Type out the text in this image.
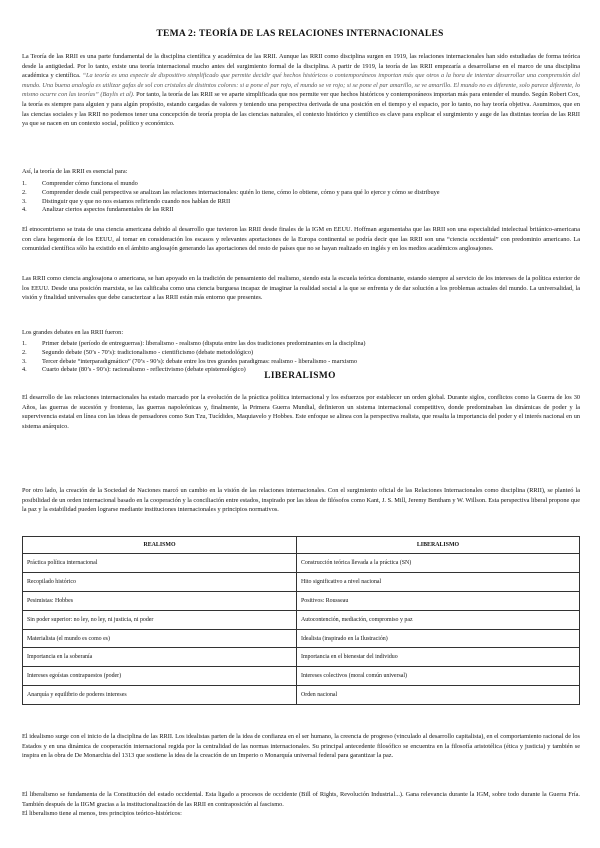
TEMA 2: TEORÍA DE LAS RELACIONES INTERNACIONALES

La Teoría de las RRII es una parte fundamental de la disciplina científica y académica de las RRII. Aunque las RRII como disciplina surgen en 1919, las relaciones internacionales han sido estudiadas de forma teórica desde la antigüedad. Por lo tanto, existe una teoría internacional mucho antes del surgimiento formal de la disciplina. A partir de 1919, la teoría de las RRII empezaría a desarrollarse en el marco de una disciplina académica y científica. “La teoría es una especie de dispositivo simplificado que permite decidir qué hechos históricos o contemporáneos importan más que otros a la hora de intentar desarrollar una comprensión del mundo. Una buena analogía es utilizar gafas de sol con cristales de distintos colores: si a pone el par rojo, el mundo se ve rojo; si se pone el par amarillo, se ve amarillo. El mundo no es diferente, solo parece diferente, lo mismo ocurre con las teorías” (Baylis et al). Por tanto, la teoría de las RRII se ve aparte simplificada que nos permite ver que hechos históricos y contemporáneos importan más para entender el mundo. Según Robert Cox, la teoría es siempre para alguien y para algún propósito, estando cargadas de valores y teniendo una perspectiva derivada de una posición en el tiempo y el espacio, por lo tanto, no hay teoría objetiva. Asumimos, que en las ciencias sociales y las RRII no podemos tener una concepción de teoría propia de las ciencias naturales, el contexto histórico y científico es clave para explicar el surgimiento y auge de las distintas teorías de las RRII ya que se nacen en un contexto social, político y económico.

Así, la teoría de las RRII es esencial para:

1. Comprender cómo funciona el mundo
2. Comprender desde cuál perspectiva se analizan las relaciones internacionales: quién lo tiene, cómo lo obtiene, cómo y para qué lo ejerce y cómo se distribuye
3. Distinguir que y que no nos estamos refiriendo cuando nos hablan de RRII
4. Analizar ciertos aspectos fundamentales de las RRII

El etnocentrismo se trata de una ciencia americana debido al desarrollo que tuvieron las RRII desde finales de la IGM en EEUU. Hoffman argumentaba que las RRII son una especialidad intelectual británico-americana con clara hegemonía de los EEUU, al tomar en consideración los escasos y relevantes aportaciones de la Europa continental se podría decir que las RRII son una “ciencia occidental” con predominio americano. La comunidad científica sólo ha existido en el ámbito anglosajón generando las aportaciones del resto de países que no se hayan realizado en inglés y en los medios académicos anglosajones.

Las RRII como ciencia anglosajona o americana, se han apoyado en la tradición de pensamiento del realismo, siendo esta la escuela teórica dominante, estando siempre al servicio de los intereses de la política exterior de los EEUU. Desde una posición marxista, se las calificaba como una ciencia burguesa incapaz de imaginar la realidad social a la que se enfrenta y de dar solución a los problemas actuales del mundo. La universalidad, la visión y finalidad universales que debe caracterizar a las RRII están más entorno que presentes.

Los grandes debates en las RRII fueron:

1. Primer debate (período de entreguerras): liberalismo - realismo (disputa entre las dos tradiciones predominantes en la disciplina)
2. Segundo debate (50’s - 70’s): tradicionalismo - cientificismo (debate metodológico)
3. Tercer debate “interparadigmático” (70’s - 90’s): debate entre los tres grandes paradigmas: realismo - liberalismo - marxismo
4. Cuarto debate (80’s - 90’s): racionalismo - reflectivismo (debate epistemológico)
LIBERALISMO

El desarrollo de las relaciones internacionales ha estado marcado por la evolución de la práctica política internacional y los esfuerzos por establecer un orden global. Durante siglos, conflictos como la Guerra de los 30 Años, las guerras de sucesión y fronteras, las guerras napoleónicas y, finalmente, la Primera Guerra Mundial, definieron un sistema internacional competitivo, donde predominaban las dinámicas de poder y la supervivencia estatal en línea con las ideas de pensadores como Sun Tzu, Tucídides, Maquiavelo y Hobbes. Este enfoque se alinea con la perspectiva realista, que resalta la importancia del poder y el interés nacional en un sistema anárquico.

Por otro lado, la creación de la Sociedad de Naciones marcó un cambio en la visión de las relaciones internacionales. Con el surgimiento oficial de las Relaciones Internacionales como disciplina (RRII), se planteó la posibilidad de un orden internacional basado en la cooperación y la conciliación entre estados, inspirado por las ideas de filósofos como Kant, J. S. Mill, Jeremy Bentham y W. Willson. Esta perspectiva liberal propone que la paz y la estabilidad pueden lograrse mediante instituciones internacionales y principios normativos.

REALISMO	LIBERALISMO
Práctica política internacional	Construcción teórica llevada a la práctica (SN)
Recopilado histórico	Hito significativo a nivel nacional
Pesimistas: Hobbes	Positivos: Rousseau
Sin poder superior: no ley, no ley, ni justicia, ni poder	Autocontención, mediación, compromiso y paz
Materialista (el mundo es como es)	Idealista (inspirado en la Ilustración)
Importancia en la soberanía	Importancia en el bienestar del individuo
Intereses egoístas contrapuestos (poder)	Intereses colectivos (moral común universal)
Anarquía y equilibrio de poderes intereses	Orden nacional

El idealismo surge con el inicio de la disciplina de las RRII. Los idealistas parten de la idea de confianza en el ser humano, la creencia de progreso (vinculado al desarrollo capitalista), en el comportamiento racional de los Estados y en una dinámica de cooperación internacional regida por la centralidad de las normas internacionales. Su principal antecedente filosófico se encuentra en la filosofía aristotélica (ética y justicia) y también se inspira en la obra de De Monarchia del 1313 que sostiene la idea de la creación de un Imperio o Monarquía universal federal para garantizar la paz.

El liberalismo se fundamenta de la Constitución del estado occidental. Esta ligado a procesos de occidente (Bill of Rights, Revolución Industrial...). Gana relevancia durante la IGM, sobre todo durante la Guerra Fría. También después de la IIGM gracias a la institucionalización de las RRII en contraposición al fascismo.

El liberalismo tiene al menos, tres principios teórico-históricos:
